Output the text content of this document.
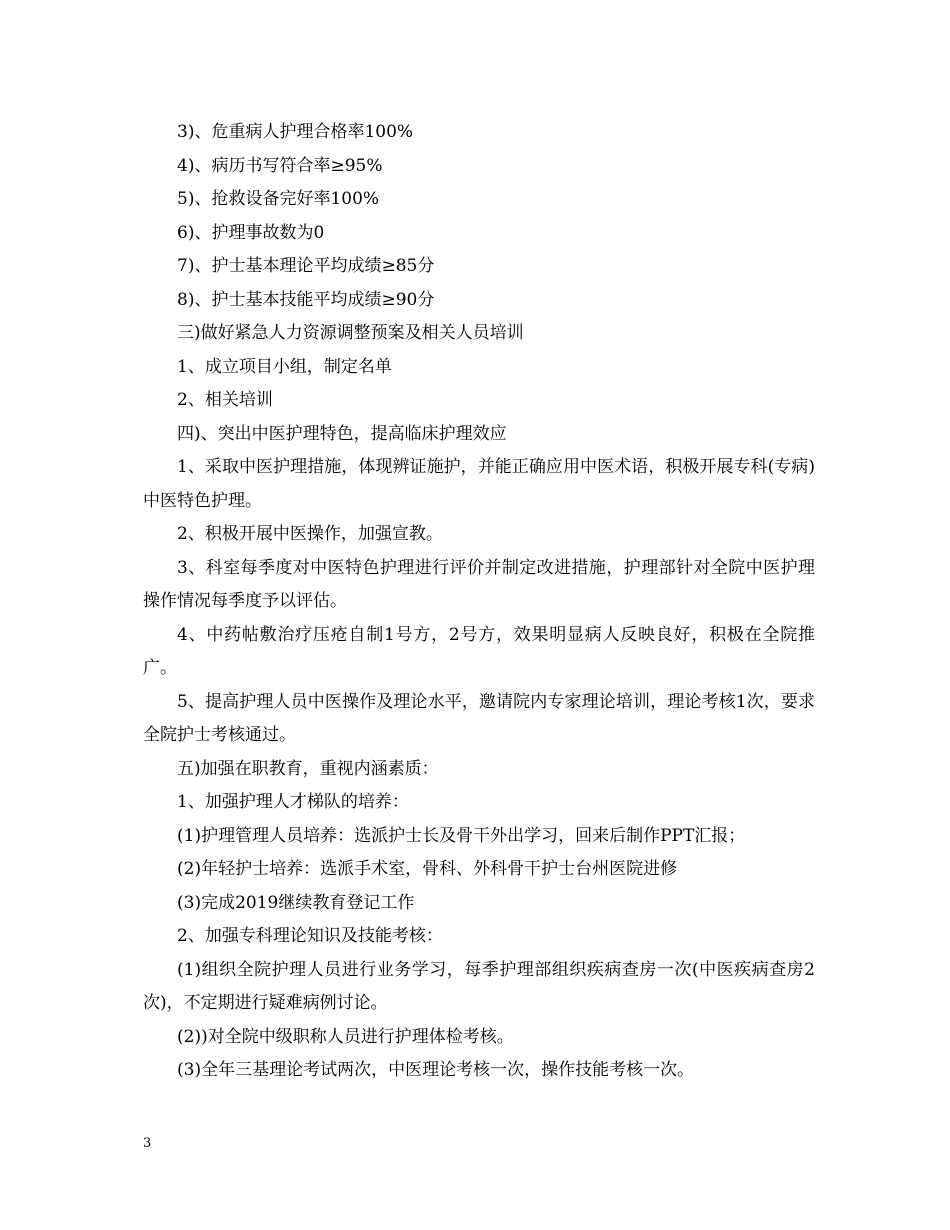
3)、危重病人护理合格率100%

4)、病历书写符合率≥95%

5)、抢救设备完好率100%

6)、护理事故数为0

7)、护士基本理论平均成绩≥85分

8)、护士基本技能平均成绩≥90分

三)做好紧急人力资源调整预案及相关人员培训

1、成立项目小组，制定名单

2、相关培训

四)、突出中医护理特色，提高临床护理效应

1、采取中医护理措施，体现辨证施护，并能正确应用中医术语，积极开展专科(专病)中医特色护理。

2、积极开展中医操作，加强宣教。

3、科室每季度对中医特色护理进行评价并制定改进措施，护理部针对全院中医护理操作情况每季度予以评估。

4、中药帖敷治疗压疮自制1号方，2号方，效果明显病人反映良好，积极在全院推广。

5、提高护理人员中医操作及理论水平，邀请院内专家理论培训，理论考核1次，要求全院护士考核通过。

五)加强在职教育，重视内涵素质：

1、加强护理人才梯队的培养：

(1)护理管理人员培养：选派护士长及骨干外出学习，回来后制作PPT汇报；

(2)年轻护士培养：选派手术室，骨科、外科骨干护士台州医院进修

(3)完成2019继续教育登记工作

2、加强专科理论知识及技能考核：

(1)组织全院护理人员进行业务学习，每季护理部组织疾病查房一次(中医疾病查房2次)，不定期进行疑难病例讨论。

(2))对全院中级职称人员进行护理体检考核。

(3)全年三基理论考试两次，中医理论考核一次，操作技能考核一次。

3
